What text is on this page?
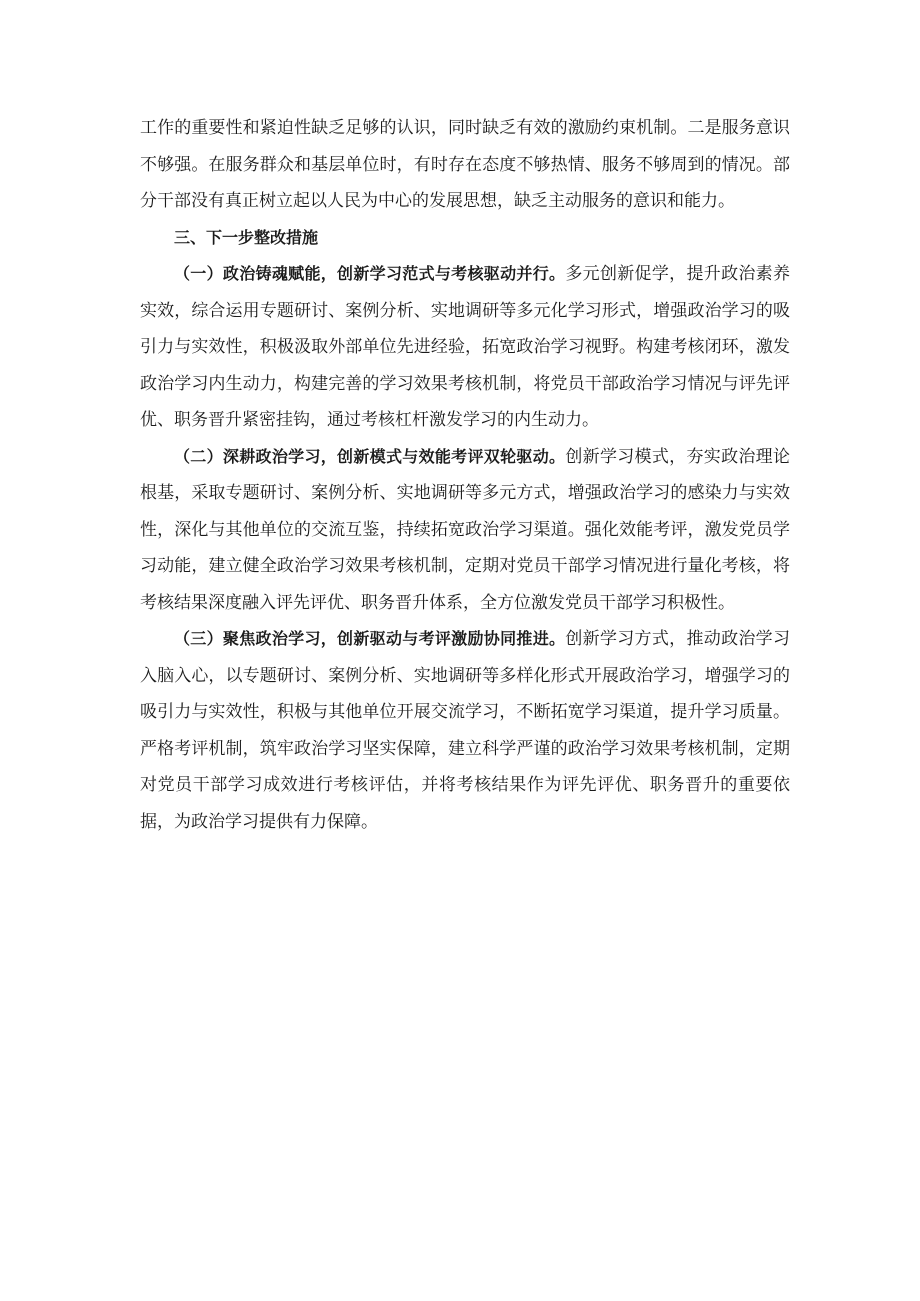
工作的重要性和紧迫性缺乏足够的认识，同时缺乏有效的激励约束机制。二是服务意识不够强。在服务群众和基层单位时，有时存在态度不够热情、服务不够周到的情况。部分干部没有真正树立起以人民为中心的发展思想，缺乏主动服务的意识和能力。

三、下一步整改措施

（一）政治铸魂赋能，创新学习范式与考核驱动并行。多元创新促学，提升政治素养实效，综合运用专题研讨、案例分析、实地调研等多元化学习形式，增强政治学习的吸引力与实效性，积极汲取外部单位先进经验，拓宽政治学习视野。构建考核闭环，激发政治学习内生动力，构建完善的学习效果考核机制，将党员干部政治学习情况与评先评优、职务晋升紧密挂钩，通过考核杠杆激发学习的内生动力。

（二）深耕政治学习，创新模式与效能考评双轮驱动。创新学习模式，夯实政治理论根基，采取专题研讨、案例分析、实地调研等多元方式，增强政治学习的感染力与实效性，深化与其他单位的交流互鉴，持续拓宽政治学习渠道。强化效能考评，激发党员学习动能，建立健全政治学习效果考核机制，定期对党员干部学习情况进行量化考核，将考核结果深度融入评先评优、职务晋升体系，全方位激发党员干部学习积极性。

（三）聚焦政治学习，创新驱动与考评激励协同推进。创新学习方式，推动政治学习入脑入心，以专题研讨、案例分析、实地调研等多样化形式开展政治学习，增强学习的吸引力与实效性，积极与其他单位开展交流学习，不断拓宽学习渠道，提升学习质量。严格考评机制，筑牢政治学习坚实保障，建立科学严谨的政治学习效果考核机制，定期对党员干部学习成效进行考核评估，并将考核结果作为评先评优、职务晋升的重要依据，为政治学习提供有力保障。
